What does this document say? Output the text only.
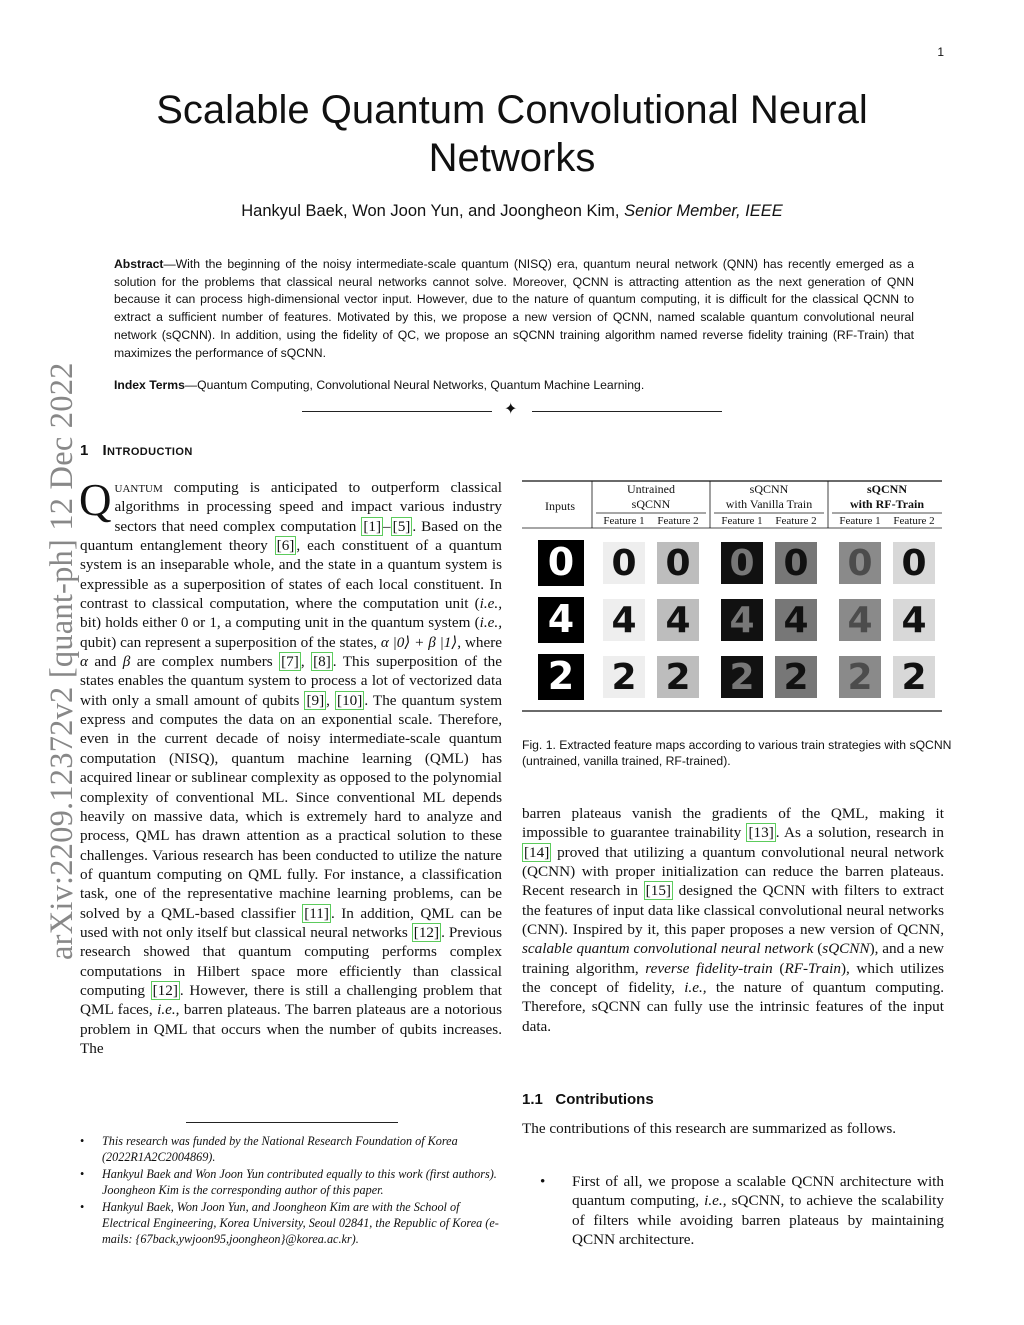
1
arXiv:2209.12372v2 [quant-ph] 12 Dec 2022
Scalable Quantum Convolutional Neural Networks
Hankyul Baek, Won Joon Yun, and Joongheon Kim, Senior Member, IEEE
Abstract—With the beginning of the noisy intermediate-scale quantum (NISQ) era, quantum neural network (QNN) has recently emerged as a solution for the problems that classical neural networks cannot solve. Moreover, QCNN is attracting attention as the next generation of QNN because it can process high-dimensional vector input. However, due to the nature of quantum computing, it is difficult for the classical QCNN to extract a sufficient number of features. Motivated by this, we propose a new version of QCNN, named scalable quantum convolutional neural network (sQCNN). In addition, using the fidelity of QC, we propose an sQCNN training algorithm named reverse fidelity training (RF-Train) that maximizes the performance of sQCNN.
Index Terms—Quantum Computing, Convolutional Neural Networks, Quantum Machine Learning.
✦
1 Introduction
Quantum computing is anticipated to outperform classical algorithms in processing speed and impact various industry sectors that need complex computation [1] – [5] . Based on the quantum entanglement theory [6] , each constituent of a quantum system is an inseparable whole, and the state in a quantum system is expressible as a superposition of states of each local constituent. In contrast to classical computation, where the computation unit (i.e., bit) holds either 0 or 1, a computing unit in the quantum system (i.e., qubit) can represent a superposition of the states, α |0⟩ + β |1⟩, where α and β are complex numbers [7] , [8] . This superposition of the states enables the quantum system to process a lot of vectorized data with only a small amount of qubits [9] , [10] . The quantum system express and computes the data on an exponential scale. Therefore, even in the current decade of noisy intermediate-scale quantum computation (NISQ), quantum machine learning (QML) has acquired linear or sublinear complexity as opposed to the polynomial complexity of conventional ML. Since conventional ML depends heavily on massive data, which is extremely hard to analyze and process, QML has drawn attention as a practical solution to these challenges. Various research has been conducted to utilize the nature of quantum computing on QML fully. For instance, a classification task, one of the representative machine learning problems, can be solved by a QML-based classifier [11] . In addition, QML can be used with not only itself but classical neural networks [12] . Previous research showed that quantum computing performs complex computations in Hilbert space more efficiently than classical computing [12] . However, there is still a challenging problem that QML faces, i.e., barren plateaus. The barren plateaus are a notorious problem in QML that occurs when the number of qubits increases. The
Inputs
Untrained
sQCNN
sQCNN
with Vanilla Train
sQCNN
with RF-Train
Feature 1 Feature 2 Feature 1 Feature 2 Feature 1 Feature 2
0 0 0 0 0 0 0
4 4 4 4 4 4 4
2 2 2 2 2 2 2
Fig. 1. Extracted feature maps according to various train strategies with sQCNN (untrained, vanilla trained, RF-trained).
barren plateaus vanish the gradients of the QML, making it impossible to guarantee trainability [13] . As a solution, research in [14] proved that utilizing a quantum convolutional neural network (QCNN) with proper initialization can reduce the barren plateaus. Recent research in [15] designed the QCNN with filters to extract the features of input data like classical convolutional neural networks (CNN). Inspired by it, this paper proposes a new version of QCNN, scalable quantum convolutional neural network (sQCNN), and a new training algorithm, reverse fidelity-train (RF-Train), which utilizes the concept of fidelity, i.e., the nature of quantum computing. Therefore, sQCNN can fully use the intrinsic features of the input data.
1.1 Contributions
The contributions of this research are summarized as follows.
• First of all, we propose a scalable QCNN architecture with quantum computing, i.e., sQCNN, to achieve the scalability of filters while avoiding barren plateaus by maintaining QCNN architecture.
• This research was funded by the National Research Foundation of Korea (2022R1A2C2004869).
• Hankyul Baek and Won Joon Yun contributed equally to this work (first authors). Joongheon Kim is the corresponding author of this paper.
• Hankyul Baek, Won Joon Yun, and Joongheon Kim are with the School of Electrical Engineering, Korea University, Seoul 02841, the Republic of Korea (e-mails: {67back,ywjoon95,joongheon}@korea.ac.kr).
